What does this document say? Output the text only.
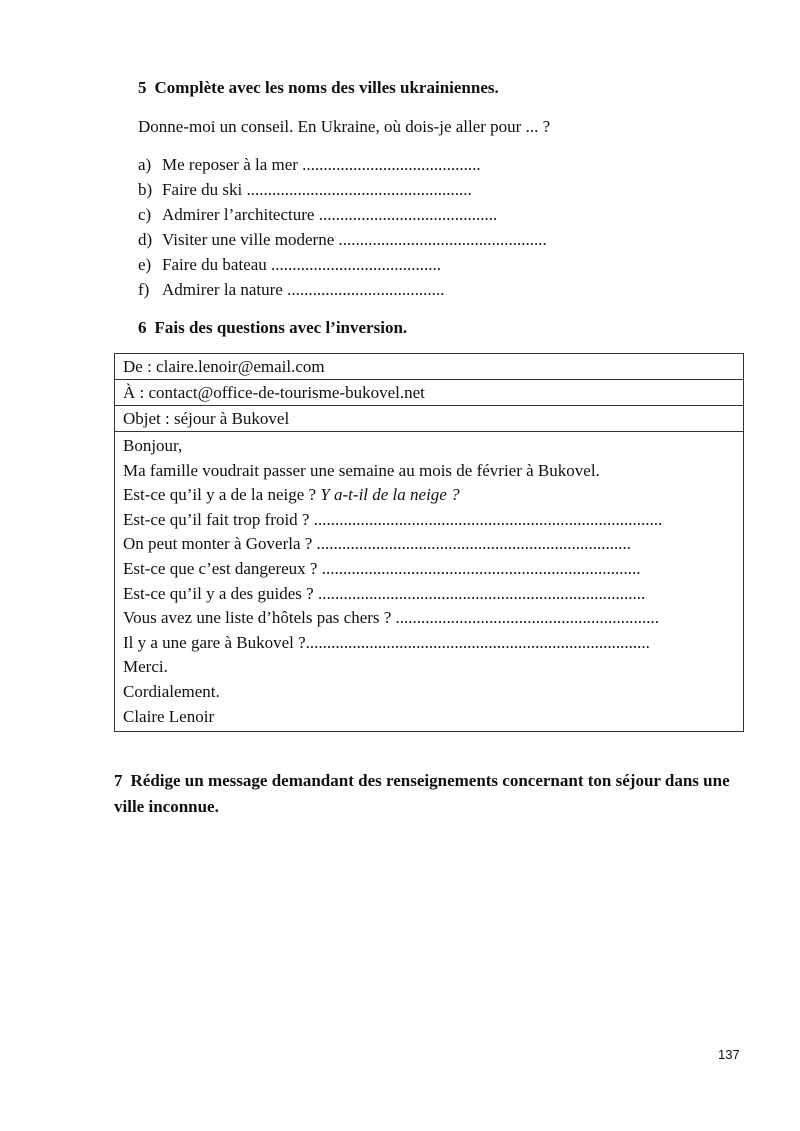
5 Complète avec les noms des villes ukrainiennes.

Donne-moi un conseil. En Ukraine, où dois-je aller pour ... ?

a) Me reposer à la mer ..........................................
b) Faire du ski .....................................................
c) Admirer l’architecture ..........................................
d) Visiter une ville moderne .................................................
e) Faire du bateau ........................................
f) Admirer la nature .....................................
6 Fais des questions avec l’inversion.
De : claire.lenoir@email.com
À : contact@office-de-tourisme-bukovel.net
Objet : séjour à Bukovel
Bonjour,
Ma famille voudrait passer une semaine au mois de février à Bukovel.
Est-ce qu’il y a de la neige ? Y a-t-il de la neige ?
Est-ce qu’il fait trop froid ? ..................................................................................
On peut monter à Goverla ? ..........................................................................
Est-ce que c’est dangereux ? ...........................................................................
Est-ce qu’il y a des guides ? .............................................................................
Vous avez une liste d’hôtels pas chers ? ..............................................................
Il y a une gare à Bukovel ?.................................................................................
Merci.
Cordialement.
Claire Lenoir

7 Rédige un message demandant des renseignements concernant ton séjour dans une ville inconnue.

137
